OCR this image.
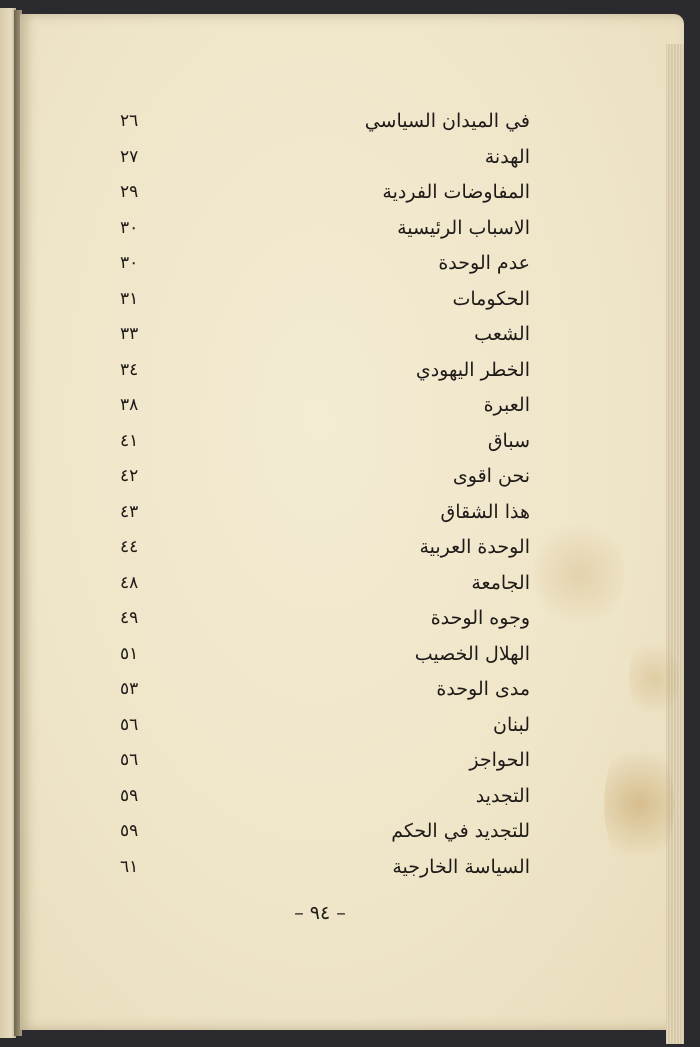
في الميدان السياسي
٢٦
الهدنة
٢٧
المفاوضات الفردية
٢٩
الاسباب الرئيسية
٣٠
عدم الوحدة
٣٠
الحكومات
٣١
الشعب
٣٣
الخطر اليهودي
٣٤
العبرة
٣٨
سباق
٤١
نحن اقوى
٤٢
هذا الشقاق
٤٣
الوحدة العربية
٤٤
الجامعة
٤٨
وجوه الوحدة
٤٩
الهلال الخصيب
٥١
مدى الوحدة
٥٣
لبنان
٥٦
الحواجز
٥٦
التجديد
٥٩
للتجديد في الحكم
٥٩
السياسة الخارجية
٦١
– ٩٤ –
